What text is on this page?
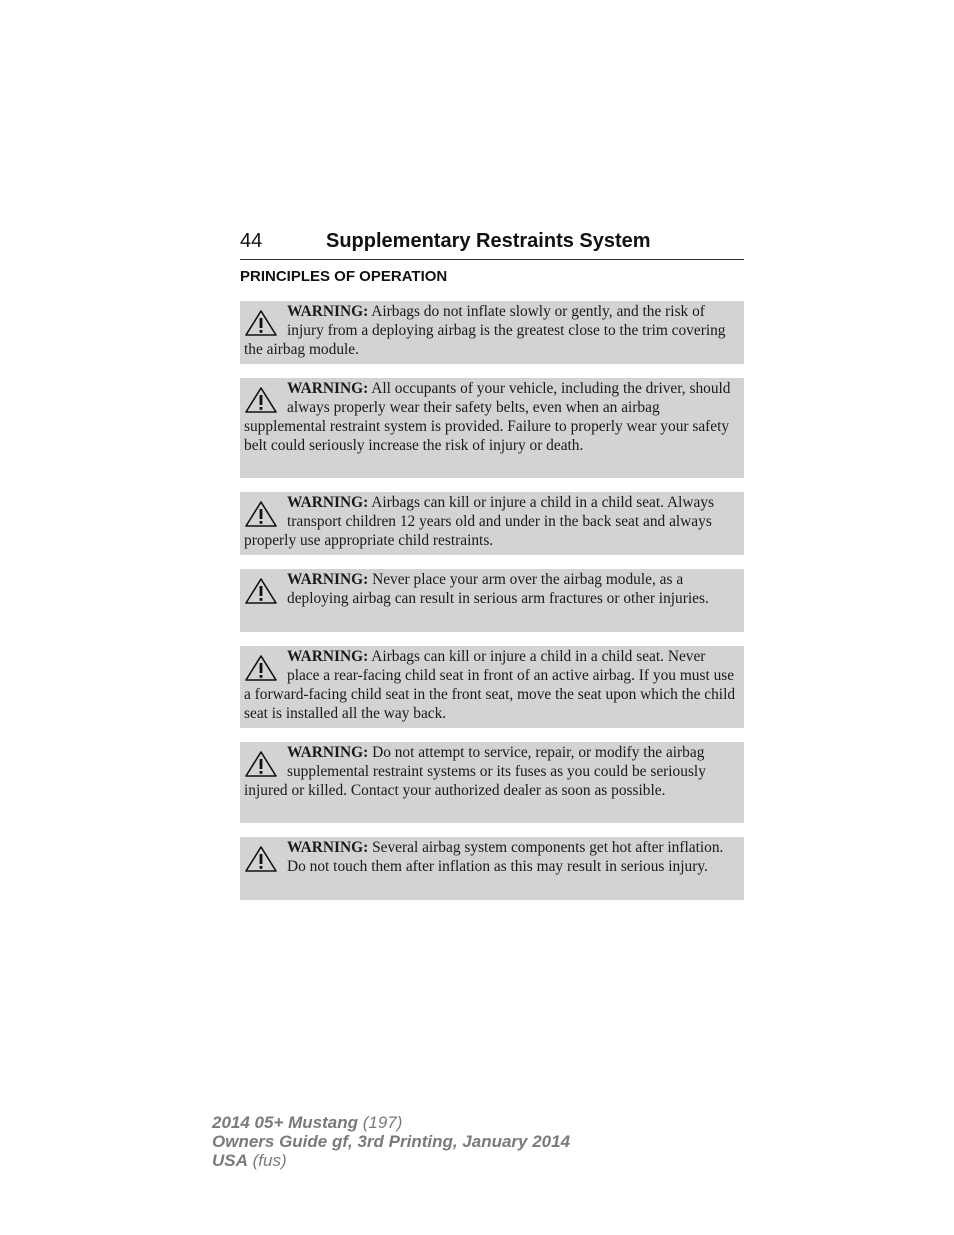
44	Supplementary Restraints System
PRINCIPLES OF OPERATION
WARNING: Airbags do not inflate slowly or gently, and the risk of injury from a deploying airbag is the greatest close to the trim covering the airbag module.
WARNING: All occupants of your vehicle, including the driver, should always properly wear their safety belts, even when an airbag supplemental restraint system is provided. Failure to properly wear your safety belt could seriously increase the risk of injury or death.
WARNING: Airbags can kill or injure a child in a child seat. Always transport children 12 years old and under in the back seat and always properly use appropriate child restraints.
WARNING: Never place your arm over the airbag module, as a deploying airbag can result in serious arm fractures or other injuries.
WARNING: Airbags can kill or injure a child in a child seat. Never place a rear-facing child seat in front of an active airbag. If you must use a forward-facing child seat in the front seat, move the seat upon which the child seat is installed all the way back.
WARNING: Do not attempt to service, repair, or modify the airbag supplemental restraint systems or its fuses as you could be seriously injured or killed. Contact your authorized dealer as soon as possible.
WARNING: Several airbag system components get hot after inflation. Do not touch them after inflation as this may result in serious injury.
2014 05+ Mustang (197)
Owners Guide gf, 3rd Printing, January 2014
USA (fus)
